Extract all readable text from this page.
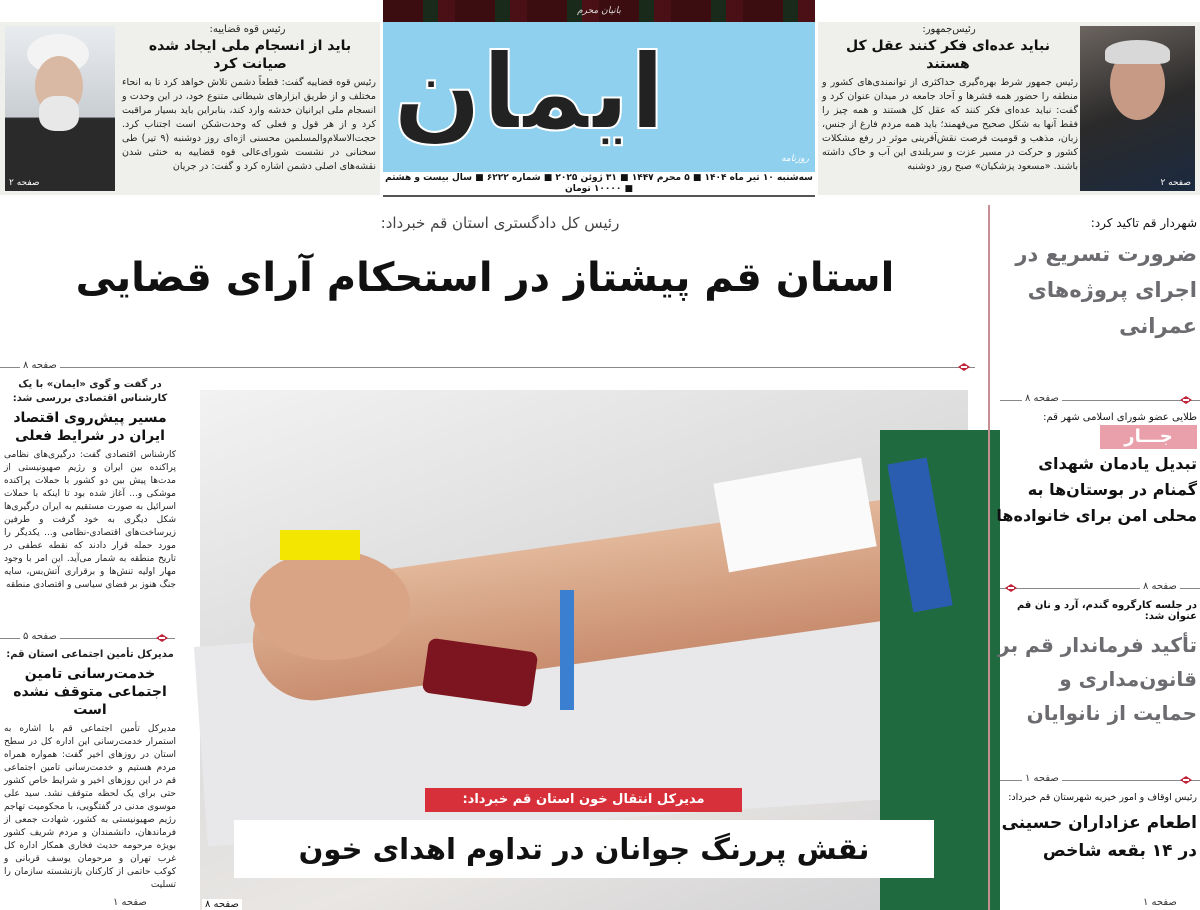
بانیان محرم
ایمان
روزنامه
سه‌شنبه ۱۰ تیر ماه ۱۴۰۴ ■ ۵ محرم ۱۴۴۷ ■ ۳۱ ژوئن ۲۰۲۵ ■ شماره ۶۲۲۲ ■ سال بیست و هشتم ■ ۱۰۰۰۰ تومان
صفحه ۲
رئیس قوه قضاییه:
باید از انسجام ملی ایجاد شده صیانت کرد
رئیس قوه قضاییه گفت: قطعاً دشمن تلاش خواهد کرد تا به انحاء مختلف و از طریق ابزارهای شیطانی متنوع خود، در این وحدت و انسجام ملی ایرانیان خدشه وارد کند، بنابراین باید بسیار مراقبت کرد و از هر قول و فعلی که وحدت‌شکن است اجتناب کرد. حجت‌الاسلام‌والمسلمین محسنی اژه‌ای روز دوشنبه (۹ تیر) طی سخنانی در نشست شورای‌عالی قوه قضاییه به خنثی شدن نقشه‌های اصلی دشمن اشاره کرد و گفت: در جریان
رئیس‌جمهور:
نباید عده‌ای فکر کنند عقل کل هستند
رئیس جمهور شرط بهره‌گیری حداکثری از توانمندی‌های کشور و منطقه را حضور همه قشرها و آحاد جامعه در میدان عنوان کرد و گفت: نباید عده‌ای فکر کنند که عقل کل هستند و همه چیز را فقط آنها به شکل صحیح می‌فهمند؛ باید همه مردم فارغ از جنس، زبان، مذهب و قومیت فرصت نقش‌آفرینی موثر در رفع مشکلات کشور و حرکت در مسیر عزت و سربلندی این آب و خاک داشته باشند. «مسعود پزشکیان» صبح روز دوشنبه
صفحه ۲
رئیس کل دادگستری استان قم خبرداد:
استان قم پیشتاز در استحکام آرای قضایی
صفحه ۸
در گفت و گوی «ایمان» با یک کارشناس اقتصادی بررسی شد:
مسیر پیش‌روی اقتصاد ایران در شرایط فعلی
کارشناس اقتصادی گفت: درگیری‌های نظامی پراکنده بین ایران و رژیم صهیونیستی از مدت‌ها پیش بین دو کشور با حملات پراکنده موشکی و... آغاز شده بود تا اینکه با حملات اسرائیل به صورت مستقیم به ایران درگیری‌ها شکل دیگری به خود گرفت و طرفین زیرساخت‌های اقتصادی-نظامی و... یکدیگر را مورد حمله قرار دادند که نقطه عطفی در تاریخ منطقه به شمار می‌آید. این امر با وجود مهار اولیه تنش‌ها و برقراری آتش‌بس، سایه جنگ هنوز بر فضای سیاسی و اقتصادی منطقه
صفحه ۵
مدیرکل تأمین اجتماعی استان قم:
خدمت‌رسانی تامین اجتماعی متوقف نشده است
مدیرکل تأمین اجتماعی قم با اشاره به استمرار خدمت‌رسانی این اداره کل در سطح استان در روزهای اخیر گفت: همواره همراه مردم هستیم و خدمت‌رسانی تامین اجتماعی قم در این روزهای اخیر و شرایط خاص کشور حتی برای یک لحظه متوقف نشد. سید علی موسوی مدنی در گفتگویی، با محکومیت تهاجم رژیم صهیونیستی به کشور، شهادت جمعی از فرماندهان، دانشمندان و مردم شریف کشور بویژه مرحومه حدیث فخاری همکار اداره کل غرب تهران و مرحومان یوسف قربانی و کوکب حاتمی از کارکنان بازنشسته سازمان را تسلیت
صفحه ۱
مدیرکل انتقال خون استان قم خبرداد:
نقش پررنگ جوانان در تداوم اهدای خون
صفحه ۸
شهردار قم تاکید کرد:
ضرورت تسریع در اجرای پروژه‌های عمرانی
صفحه ۸
طلایی عضو شورای اسلامی شهر قم:
جـــار
تبدیل یادمان شهدای گمنام در بوستان‌ها به محلی امن برای خانواده‌ها
صفحه ۸
در جلسه کارگروه گندم، آرد و نان قم عنوان شد:
تأکید فرماندار قم بر قانون‌مداری و حمایت از نانوایان
صفحه ۱
رئیس اوقاف و امور خیریه شهرستان قم خبرداد:
اطعام عزاداران حسینی در ۱۴ بقعه شاخص
صفحه ۱
